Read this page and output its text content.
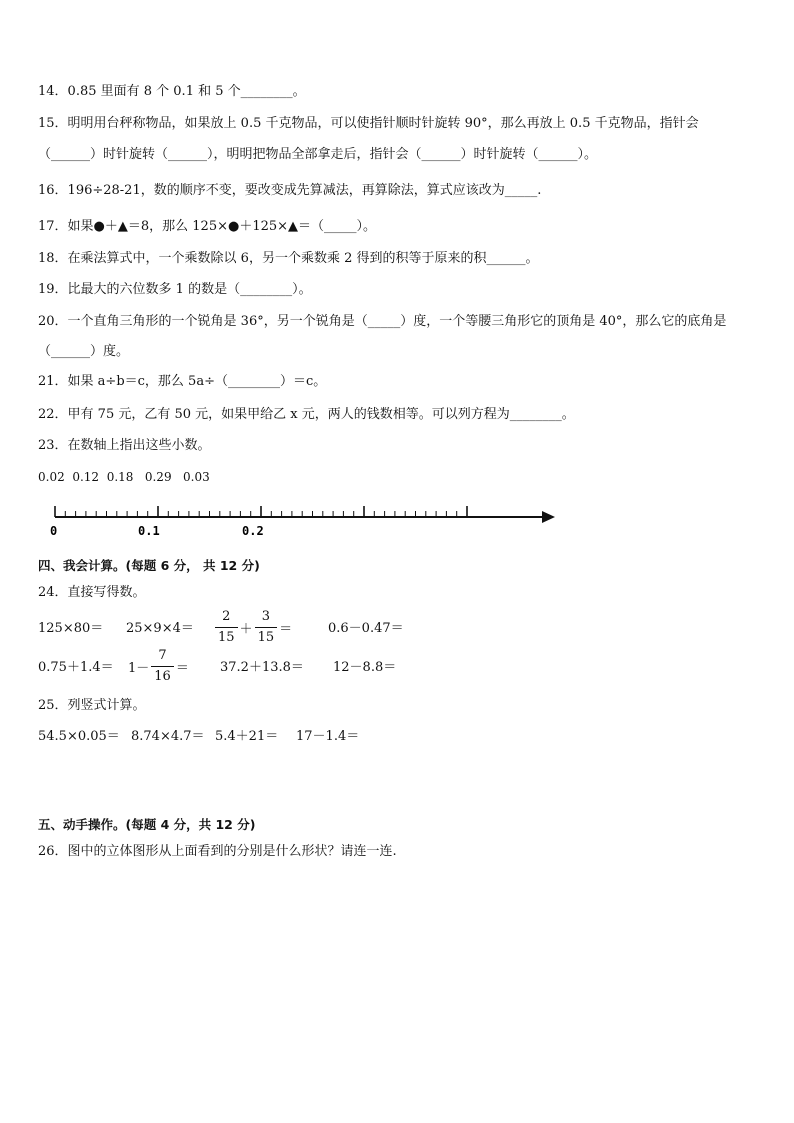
14．0.85 里面有 8 个 0.1 和 5 个________。
15．明明用台秤称物品，如果放上 0.5 千克物品，可以使指针顺时针旋转 90°，那么再放上 0.5 千克物品，指针会
（______）时针旋转（______），明明把物品全部拿走后，指针会（______）时针旋转（______）。
16．196÷28-21，数的顺序不变，要改变成先算减法，再算除法，算式应该改为_____.
17．如果●＋▲＝8，那么 125×●＋125×▲＝（_____）。
18．在乘法算式中，一个乘数除以 6，另一个乘数乘 2 得到的积等于原来的积______。
19．比最大的六位数多 1 的数是（________）。
20．一个直角三角形的一个锐角是 36°，另一个锐角是（_____）度，一个等腰三角形它的顶角是 40°，那么它的底角是
（______）度。
21．如果 a÷b＝c，那么 5a÷（________）＝c。
22．甲有 75 元，乙有 50 元，如果甲给乙 x 元，两人的钱数相等。可以列方程为________。
23．在数轴上指出这些小数。
0.02  0.12  0.18   0.29   0.03
0	0.1	0.2
四、我会计算。(每题 6 分， 共 12 分)
24．直接写得数。
$125\times 80= 25\times 9\times 4= \frac{2}{15} + \frac{3}{15}$ ＝	0.6－0.47＝
$0.75+1.4= 1- \frac{7}{16} = 37.2+13.8= 12-8.8=$
25．列竖式计算。
54.5×0.05＝ 8.74×4.7＝ 5.4＋21＝ 17－1.4＝
五、动手操作。(每题 4 分，共 12 分)
26．图中的立体图形从上面看到的分别是什么形状？请连一连.
